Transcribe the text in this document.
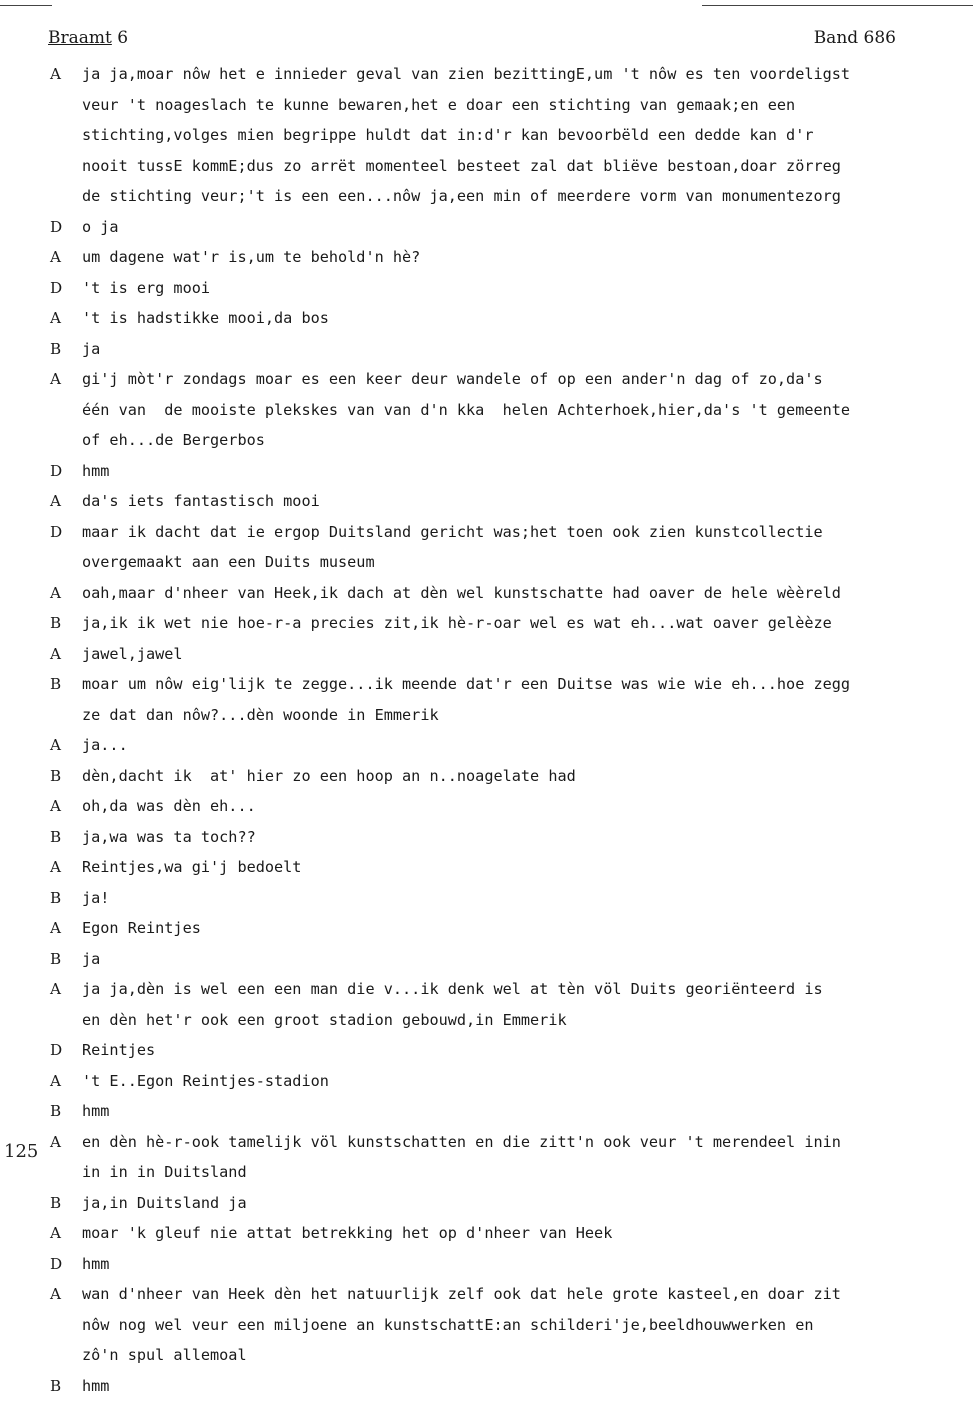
Braamt 6	Band 686
125
A	ja ja,moar nôw het e innieder geval van zien bezittingE,um 't nôw es ten voordeligst
veur 't noageslach te kunne bewaren,het e doar een stichting van gemaak;en een
stichting,volges mien begrippe huldt dat in:d'r kan bevoorbëld een dedde kan d'r
nooit tussE kommE;dus zo arrët momenteel besteet zal dat bliëve bestoan,doar zörreg
de stichting veur;'t is een een...nôw ja,een min of meerdere vorm van monumentezorg
D	o ja
A	um dagene wat'r is,um te behold'n hè?
D	't is erg mooi
A	't is hadstikke mooi,da bos
B	ja
A	gi'j mòt'r zondags moar es een keer deur wandele of op een ander'n dag of zo,da's
één van  de mooiste plekskes van van d'n kka  helen Achterhoek,hier,da's 't gemeente
of eh...de Bergerbos
D	hmm
A	da's iets fantastisch mooi
D	maar ik dacht dat ie ergop Duitsland gericht was;het toen ook zien kunstcollectie
overgemaakt aan een Duits museum
A	oah,maar d'nheer van Heek,ik dach at dèn wel kunstschatte had oaver de hele wèèreld
B	ja,ik ik wet nie hoe-r-a precies zit,ik hè-r-oar wel es wat eh...wat oaver gelèèze
A	jawel,jawel
B	moar um nôw eig'lijk te zegge...ik meende dat'r een Duitse was wie wie eh...hoe zegg
ze dat dan nôw?...dèn woonde in Emmerik
A	ja...
B	dèn,dacht ik  at' hier zo een hoop an n..noagelate had
A	oh,da was dèn eh...
B	ja,wa was ta toch??
A	Reintjes,wa gi'j bedoelt
B	ja!
A	Egon Reintjes
B	ja
A	ja ja,dèn is wel een een man die v...ik denk wel at tèn völ Duits georiënteerd is
en dèn het'r ook een groot stadion gebouwd,in Emmerik
D	Reintjes
A	't E..Egon Reintjes-stadion
B	hmm
A	en dèn hè-r-ook tamelijk völ kunstschatten en die zitt'n ook veur 't merendeel inin
in in in Duitsland
B	ja,in Duitsland ja
A	moar 'k gleuf nie attat betrekking het op d'nheer van Heek
D	hmm
A	wan d'nheer van Heek dèn het natuurlijk zelf ook dat hele grote kasteel,en doar zit
nôw nog wel veur een miljoene an kunstschattE:an schilderi'je,beeldhouwwerken en
zô'n spul allemoal
B	hmm
